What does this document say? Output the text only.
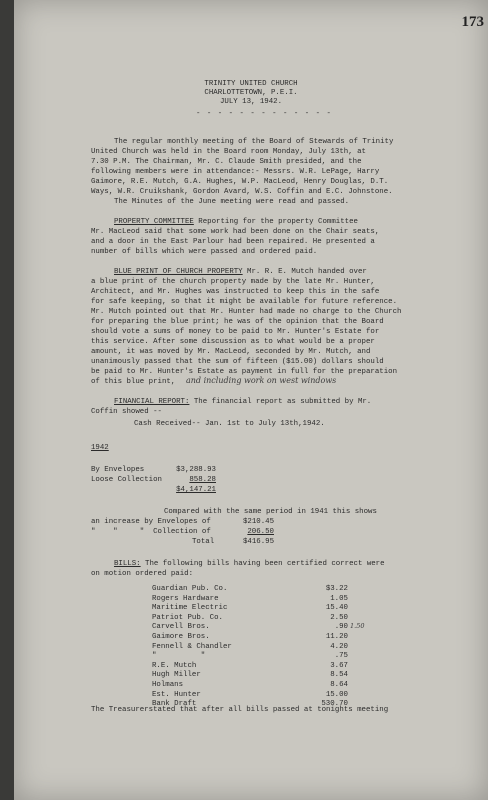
173
TRINITY UNITED CHURCH
CHARLOTTETOWN, P.E.I.
JULY 13, 1942.
- - - - - - - - - - - - -
The regular monthly meeting of the Board of Stewards of Trinity
United Church was held in the Board room Monday, July 13th, at
7.30 P.M. The Chairman, Mr. C. Claude Smith presided, and the
following members were in attendance:- Messrs. W.R. LePage, Harry
Gaimore, R.E. Mutch, G.A. Hughes, W.P. MacLeod, Henry Douglas, D.T.
Ways, W.R. Cruikshank, Gordon Avard, W.S. Coffin and E.C. Johnstone.
The Minutes of the June meeting were read and passed.
PROPERTY COMMITTEE Reporting for the property Committee
Mr. MacLeod said that some work had been done on the Chair seats,
and a door in the East Parlour had been repaired. He presented a
number of bills which were passed and ordered paid.
BLUE PRINT OF CHURCH PROPERTY Mr. R. E. Mutch handed over
a blue print of the church property made by the late Mr. Hunter,
Architect, and Mr. Hughes was instructed to keep this in the safe
for safe keeping, so that it might be available for future reference.
Mr. Mutch pointed out that Mr. Hunter had made no charge to the Church
for preparing the blue print; he was of the opinion that the Board
should vote a sums of money to be paid to Mr. Hunter's Estate for
this service. After some discussion as to what would be a proper
amount, it was moved by Mr. MacLeod, seconded by Mr. Mutch, and
unanimously passed that the sum of fifteen ($15.00) dollars should
be paid to Mr. Hunter's Estate as payment in full for the preparation
of this blue print, and including work on west windows
FINANCIAL REPORT: The financial report as submitted by Mr.
Coffin showed --
Cash Received-- Jan. 1st to July 13th,1942.
1942
By Envelopes	$3,288.93
Loose Collection	858.28
$4,147.21
Compared with the same period in 1941 this shows
an increase by Envelopes of	$210.45
"    "     "  Collection of	206.50
Total	$416.95
BILLS: The following bills having been certified correct were
on motion ordered paid:
Guardian Pub. Co.	$3.22
Rogers Hardware	1.05
Maritime Electric	15.40
Patriot Pub. Co.	2.50
Carvell Bros.	.90
Gaimore Bros.	11.20
Fennell & Chandler	4.20
"          "	.75
R.E. Mutch	3.67
Hugh Miller	8.54
Holmans	8.64
Est. Hunter	15.00
Bank Draft	530.70
1.50
The Treasurerstated that after all bills passed at tonights meeting
